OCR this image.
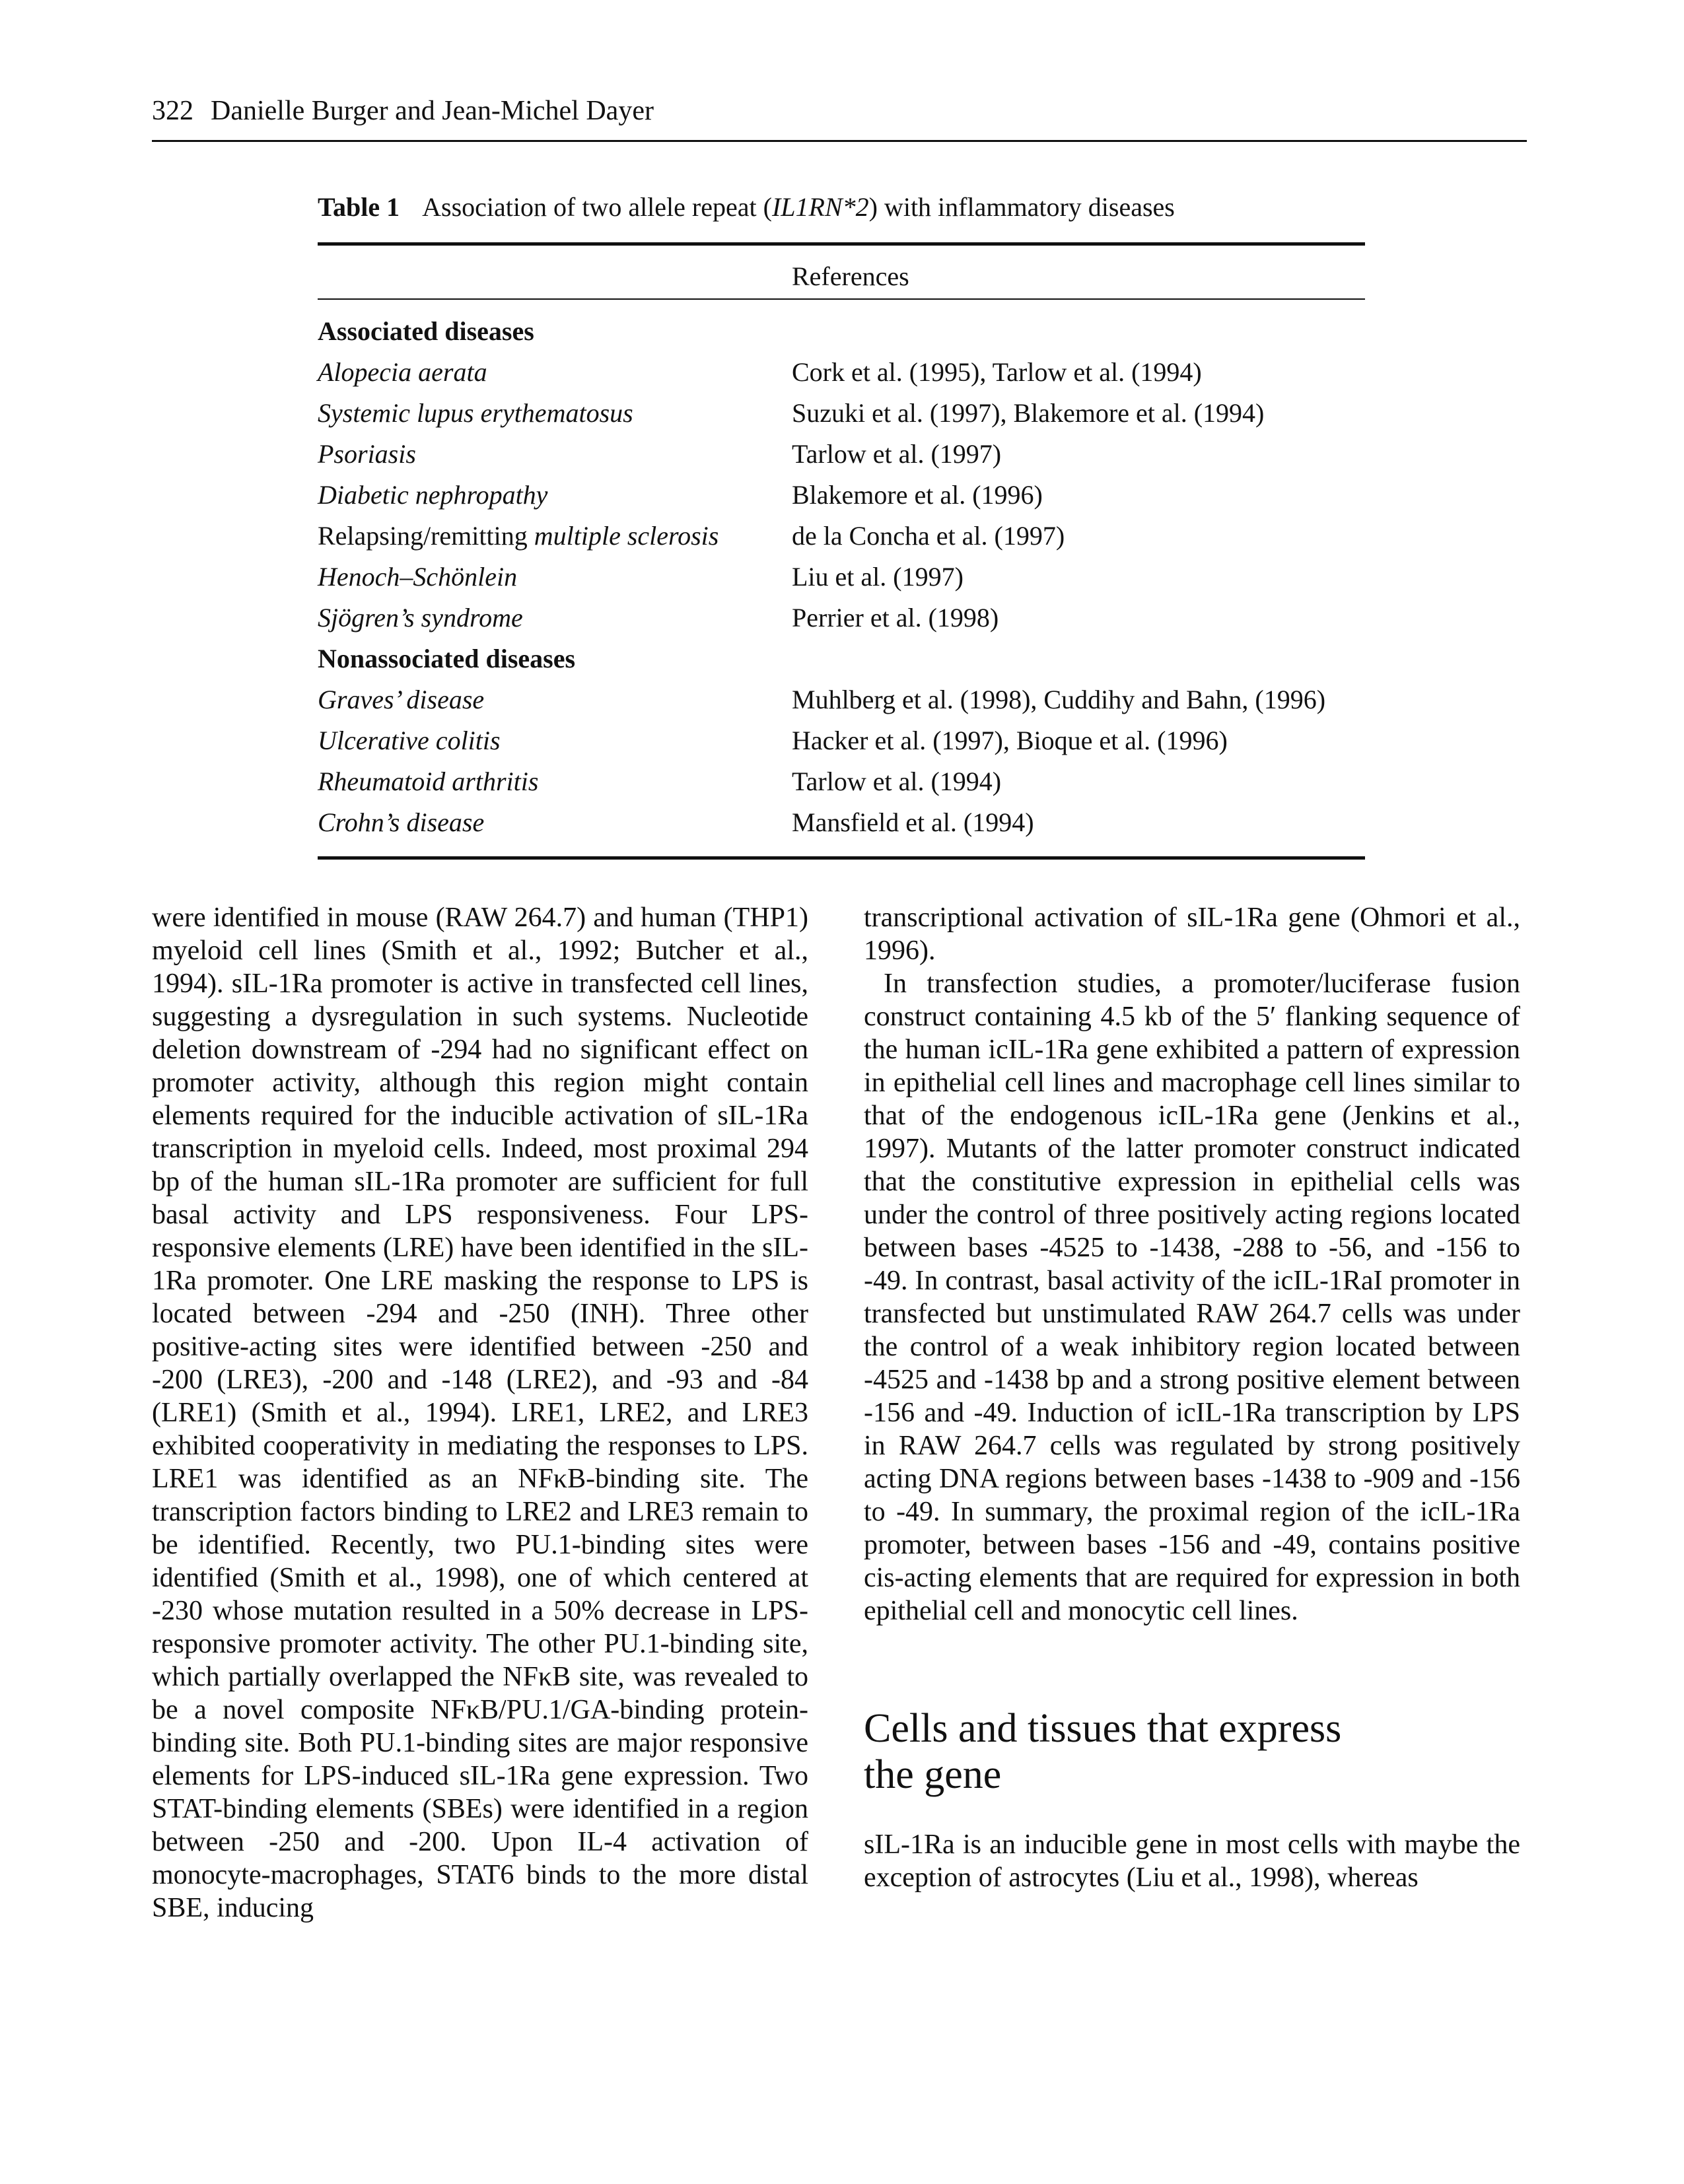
322 Danielle Burger and Jean-Michel Dayer
Table 1 Association of two allele repeat (IL1RN*2) with inflammatory diseases
References
Associated diseases
Alopecia aerata	Cork et al. (1995), Tarlow et al. (1994)
Systemic lupus erythematosus	Suzuki et al. (1997), Blakemore et al. (1994)
Psoriasis	Tarlow et al. (1997)
Diabetic nephropathy	Blakemore et al. (1996)
Relapsing/remitting multiple sclerosis	de la Concha et al. (1997)
Henoch–Schönlein	Liu et al. (1997)
Sjögren’s syndrome	Perrier et al. (1998)
Nonassociated diseases
Graves’ disease	Muhlberg et al. (1998), Cuddihy and Bahn, (1996)
Ulcerative colitis	Hacker et al. (1997), Bioque et al. (1996)
Rheumatoid arthritis	Tarlow et al. (1994)
Crohn’s disease	Mansfield et al. (1994)

were identified in mouse (RAW 264.7) and human (THP1) myeloid cell lines (Smith et al., 1992; Butcher et al., 1994). sIL-1Ra promoter is active in transfected cell lines, suggesting a dysregulation in such systems. Nucleotide deletion downstream of -294 had no significant effect on promoter activity, although this region might contain elements required for the inducible activation of sIL-1Ra transcription in myeloid cells. Indeed, most proximal 294 bp of the human sIL-1Ra promoter are sufficient for full basal activity and LPS responsiveness. Four LPS-responsive elements (LRE) have been identified in the sIL-1Ra promoter. One LRE masking the response to LPS is located between -294 and -250 (INH). Three other positive-acting sites were identified between -250 and -200 (LRE3), -200 and -148 (LRE2), and -93 and -84 (LRE1) (Smith et al., 1994). LRE1, LRE2, and LRE3 exhibited cooperativity in mediating the responses to LPS. LRE1 was identified as an NFκB-binding site. The transcription factors binding to LRE2 and LRE3 remain to be identified. Recently, two PU.1-binding sites were identified (Smith et al., 1998), one of which centered at -230 whose mutation resulted in a 50% decrease in LPS-responsive promoter activity. The other PU.1-binding site, which partially overlapped the NFκB site, was revealed to be a novel composite NFκB/PU.1/GA-binding protein-binding site. Both PU.1-binding sites are major responsive elements for LPS-induced sIL-1Ra gene expression. Two STAT-binding elements (SBEs) were identified in a region between -250 and -200. Upon IL-4 activation of monocyte-macrophages, STAT6 binds to the more distal SBE, inducing

transcriptional activation of sIL-1Ra gene (Ohmori et al., 1996).

In transfection studies, a promoter/luciferase fusion construct containing 4.5 kb of the 5′ flanking sequence of the human icIL-1Ra gene exhibited a pattern of expression in epithelial cell lines and macrophage cell lines similar to that of the endogenous icIL-1Ra gene (Jenkins et al., 1997). Mutants of the latter promoter construct indicated that the constitutive expression in epithelial cells was under the control of three positively acting regions located between bases -4525 to -1438, -288 to -56, and -156 to -49. In contrast, basal activity of the icIL-1RaI promoter in transfected but unstimulated RAW 264.7 cells was under the control of a weak inhibitory region located between -4525 and -1438 bp and a strong positive element between -156 and -49. Induction of icIL-1Ra transcription by LPS in RAW 264.7 cells was regulated by strong positively acting DNA regions between bases -1438 to -909 and -156 to -49. In summary, the proximal region of the icIL-1Ra promoter, between bases -156 and -49, contains positive cis-acting elements that are required for expression in both epithelial cell and monocytic cell lines.

Cells and tissues that express
the gene

sIL-1Ra is an inducible gene in most cells with maybe the exception of astrocytes (Liu et al., 1998), whereas
